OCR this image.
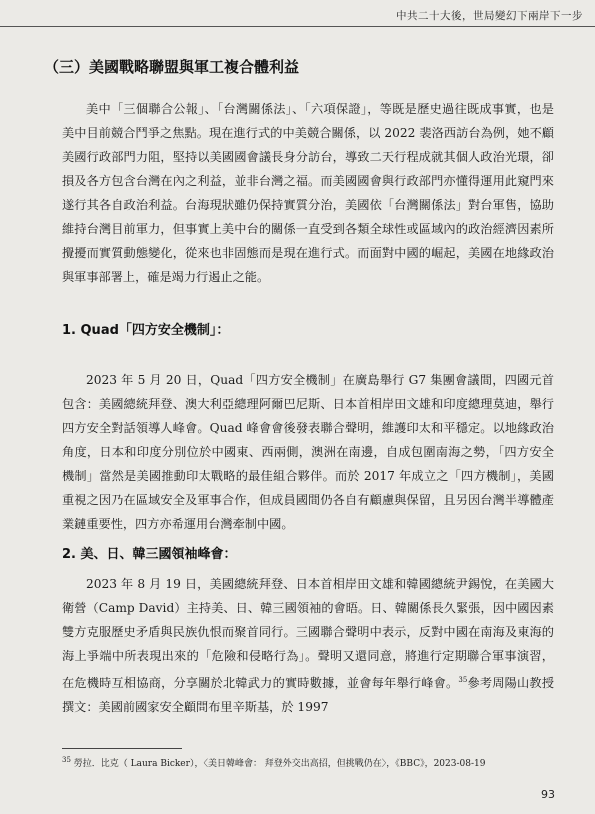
中共二十大後，世局變幻下兩岸下一步
（三）美國戰略聯盟與軍工複合體利益

美中「三個聯合公報」、「台灣關係法」、「六項保證」，等既是歷史過往既成事實，也是美中目前競合鬥爭之焦點。現在進行式的中美競合關係，以 2022 裴洛西訪台為例，她不顧美國行政部門力阻，堅持以美國國會議長身分訪台，導致二天行程成就其個人政治光環，卻損及各方包含台灣在內之利益，並非台灣之福。而美國國會與行政部門亦懂得運用此窺門來遂行其各自政治利益。台海現狀雖仍保持實質分治，美國依「台灣關係法」對台軍售，協助維持台灣目前軍力，但事實上美中台的關係一直受到各類全球性或區域內的政治經濟因素所攪擾而實質動態變化，從來也非固態而是現在進行式。而面對中國的崛起，美國在地緣政治與軍事部署上，確是竭力行遏止之能。

1. Quad「四方安全機制」：

2023 年 5 月 20 日，Quad「四方安全機制」在廣島舉行 G7 集團會議間，四國元首包含：美國總統拜登、澳大利亞總理阿爾巴尼斯、日本首相岸田文雄和印度總理莫迪，舉行四方安全對話領導人峰會。Quad 峰會會後發表聯合聲明，維護印太和平穩定。以地緣政治角度，日本和印度分別位於中國東、西兩側，澳洲在南邊，自成包圍南海之勢，「四方安全機制」當然是美國推動印太戰略的最佳組合夥伴。而於 2017 年成立之「四方機制」，美國重視之因乃在區域安全及軍事合作，但成員國間仍各自有顧慮與保留，且另因台灣半導體產業鏈重要性，四方亦希運用台灣牽制中國。

2. 美、日、韓三國領袖峰會：

2023 年 8 月 19 日，美國總統拜登、日本首相岸田文雄和韓國總統尹錫悅，在美國大衛營（Camp David）主持美、日、韓三國領袖的會晤。日、韓關係長久緊張，因中國因素雙方克服歷史矛盾與民族仇恨而聚首同行。三國聯合聲明中表示，反對中國在南海及東海的海上爭端中所表現出來的「危險和侵略行為」。聲明又還同意，將進行定期聯合軍事演習，在危機時互相協商，分享關於北韓武力的實時數據，並會每年舉行峰會。$^{35}$參考周陽山教授撰文：美國前國家安全顧問布里辛斯基，於 1997

$^{35}$ 勞拉．比克（ Laura Bicker），〈美日韓峰會： 拜登外交出高招，但挑戰仍在〉，《BBC》，2023-08-19
93
